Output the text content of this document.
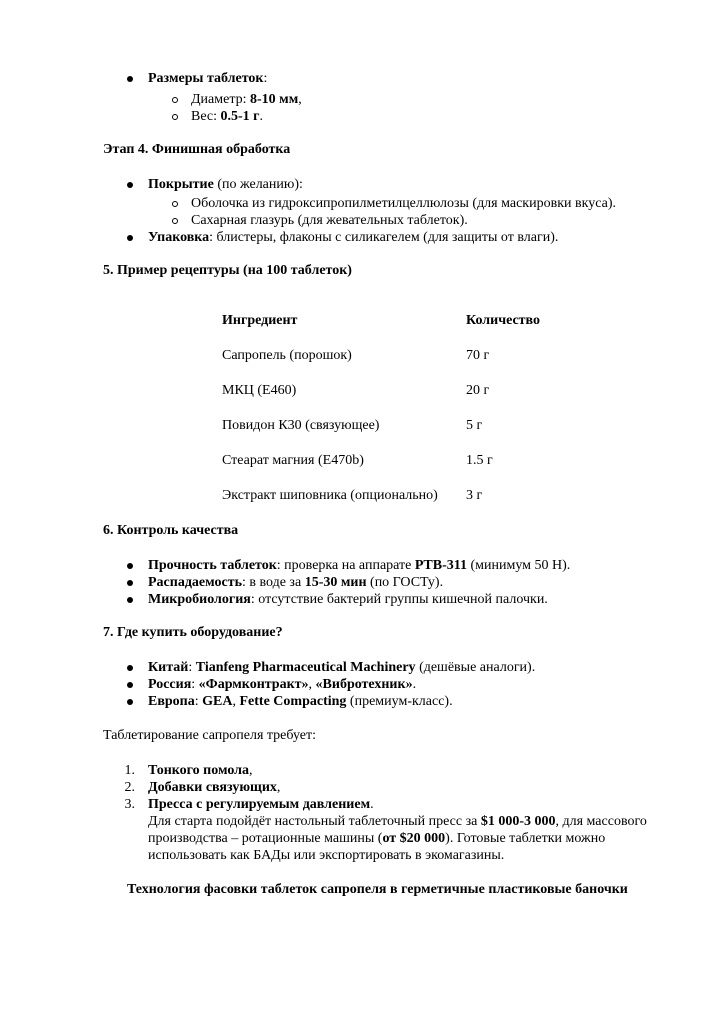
Размеры таблеток:
Диаметр: 8-10 мм,
Вес: 0.5-1 г.
Этап 4. Финишная обработка
Покрытие (по желанию):
Оболочка из гидроксипропилметилцеллюлозы (для маскировки вкуса).
Сахарная глазурь (для жевательных таблеток).
Упаковка: блистеры, флаконы с силикагелем (для защиты от влаги).
5. Пример рецептуры (на 100 таблеток)
Ингредиент	Количество
Сапропель (порошок)	70 г
МКЦ (E460)	20 г
Повидон К30 (связующее)	5 г
Стеарат магния (E470b)	1.5 г
Экстракт шиповника (опционально)	3 г
6. Контроль качества
Прочность таблеток: проверка на аппарате PTB-311 (минимум 50 Н).
Распадаемость: в воде за 15-30 мин (по ГОСТу).
Микробиология: отсутствие бактерий группы кишечной палочки.
7. Где купить оборудование?
Китай: Tianfeng Pharmaceutical Machinery (дешёвые аналоги).
Россия: «Фармконтракт», «Вибротехник».
Европа: GEA, Fette Compacting (премиум-класс).
Таблетирование сапропеля требует:
1. Тонкого помола,
2. Добавки связующих,
3. Пресса с регулируемым давлением.
Для старта подойдёт настольный таблеточный пресс за $1 000-3 000, для массового
производства – ротационные машины (от $20 000). Готовые таблетки можно
использовать как БАДы или экспортировать в экомагазины.
Технология фасовки таблеток сапропеля в герметичные пластиковые баночки
